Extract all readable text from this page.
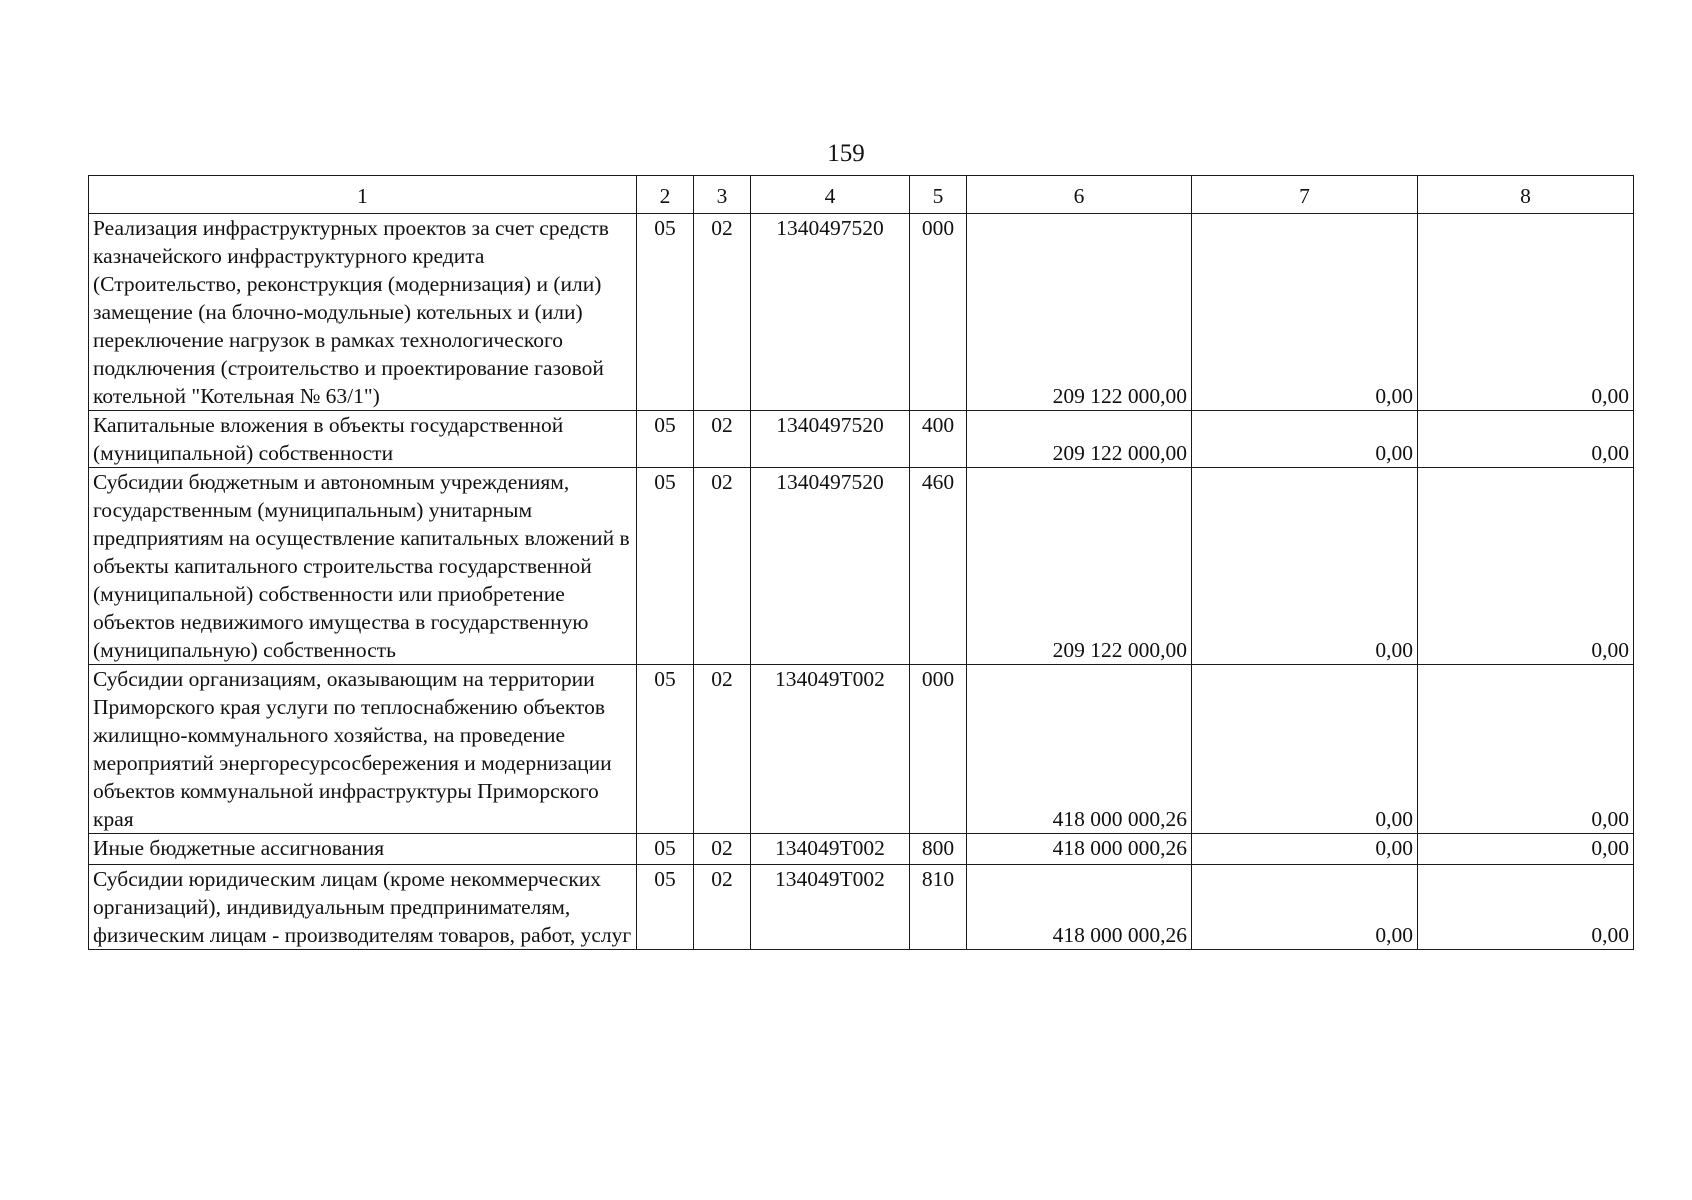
159
1	2	3	4	5	6	7	8
Реализация инфраструктурных проектов за счет средств казначейского инфраструктурного кредита (Строительство, реконструкция (модернизация) и (или) замещение (на блочно-модульные) котельных и (или) переключение нагрузок в рамках технологического подключения (строительство и проектирование газовой котельной "Котельная № 63/1")	05	02	1340497520	000	209 122 000,00	0,00	0,00
Капитальные вложения в объекты государственной (муниципальной) собственности	05	02	1340497520	400	209 122 000,00	0,00	0,00
Субсидии бюджетным и автономным учреждениям, государственным (муниципальным) унитарным предприятиям на осуществление капитальных вложений в объекты капитального строительства государственной (муниципальной) собственности или приобретение объектов недвижимого имущества в государственную (муниципальную) собственность	05	02	1340497520	460	209 122 000,00	0,00	0,00
Субсидии организациям, оказывающим на территории Приморского края услуги по теплоснабжению объектов жилищно-коммунального хозяйства, на проведение мероприятий энергоресурсосбережения и модернизации объектов коммунальной инфраструктуры Приморского края	05	02	134049Т002	000	418 000 000,26	0,00	0,00
Иные бюджетные ассигнования	05	02	134049Т002	800	418 000 000,26	0,00	0,00
Субсидии юридическим лицам (кроме некоммерческих организаций), индивидуальным предпринимателям, физическим лицам - производителям товаров, работ, услуг	05	02	134049Т002	810	418 000 000,26	0,00	0,00
